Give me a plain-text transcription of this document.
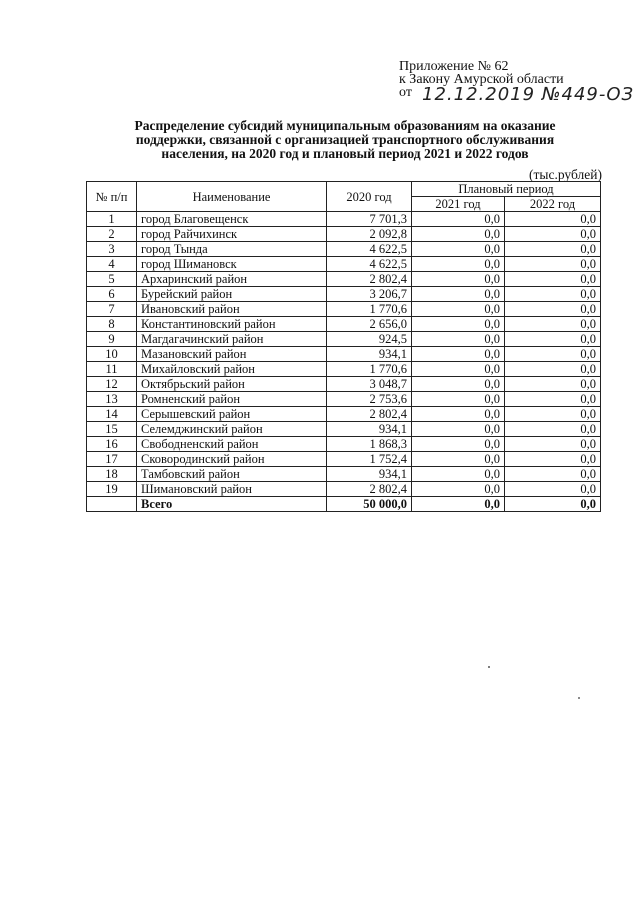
Приложение № 62
к Закону Амурской области
от 12.12.2019 №449-ОЗ
Распределение субсидий муниципальным образованиям на оказание
поддержки, связанной с организацией транспортного обслуживания
населения, на 2020 год и плановый период 2021 и 2022 годов
(тыс.рублей)
№ п/п	Наименование	2020 год	Плановый период	
			2021 год	2022 год
1	город Благовещенск	7 701,3	0,0	0,0
2	город Райчихинск	2 092,8	0,0	0,0
3	город Тында	4 622,5	0,0	0,0
4	город Шимановск	4 622,5	0,0	0,0
5	Архаринский район	2 802,4	0,0	0,0
6	Бурейский район	3 206,7	0,0	0,0
7	Ивановский район	1 770,6	0,0	0,0
8	Константиновский район	2 656,0	0,0	0,0
9	Магдагачинский район	924,5	0,0	0,0
10	Мазановский район	934,1	0,0	0,0
11	Михайловский район	1 770,6	0,0	0,0
12	Октябрьский район	3 048,7	0,0	0,0
13	Ромненский район	2 753,6	0,0	0,0
14	Серышевский район	2 802,4	0,0	0,0
15	Селемджинский район	934,1	0,0	0,0
16	Свободненский район	1 868,3	0,0	0,0
17	Сковородинский район	1 752,4	0,0	0,0
18	Тамбовский район	934,1	0,0	0,0
19	Шимановский район	2 802,4	0,0	0,0
	Всего	50 000,0	0,0	0,0
